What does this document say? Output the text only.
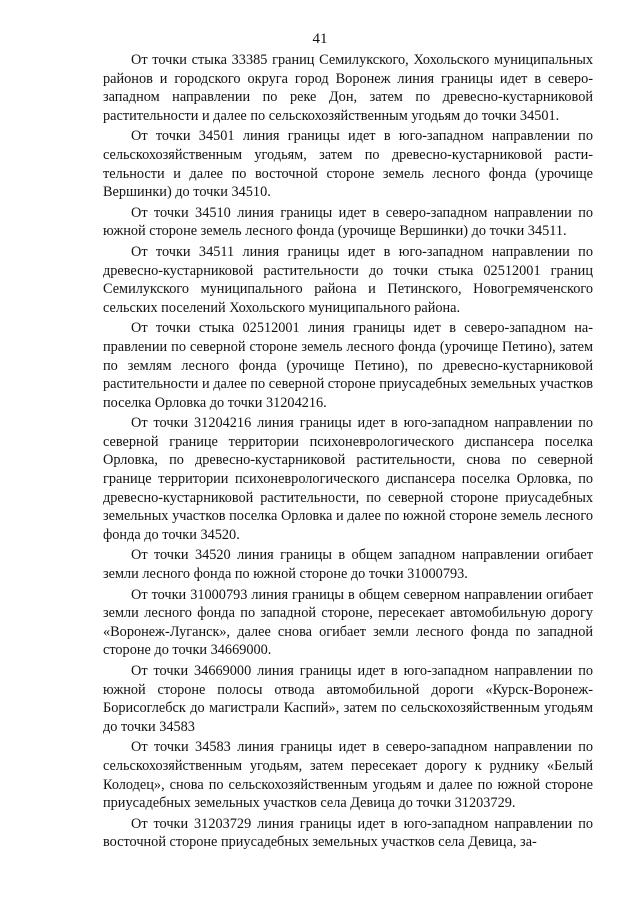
41

От точки стыка 33385 границ Семилукского, Хохольского муниципальных районов и городского округа город Воронеж линия границы идет в северо-западном направлении по реке Дон, затем по древесно-кустарниковой растительности и далее по сельскохозяйственным угодьям до точки 34501.

От точки 34501 линия границы идет в юго-западном направлении по сельскохозяйственным угодьям, затем по древесно-кустарниковой растительности и далее по восточной стороне земель лесного фонда (урочище Вершинки) до точки 34510.

От точки 34510 линия границы идет в северо-западном направлении по южной стороне земель лесного фонда (урочище Вершинки) до точки 34511.

От точки 34511 линия границы идет в юго-западном направлении по древесно-кустарниковой растительности до точки стыка 02512001 границ Семилукского муниципального района и Петинского, Новогремяченского сельских поселений Хохольского муниципального района.

От точки стыка 02512001 линия границы идет в северо-западном направлении по северной стороне земель лесного фонда (урочище Петино), затем по землям лесного фонда (урочище Петино), по древесно-кустарниковой растительности и далее по северной стороне приусадебных земельных участков поселка Орловка до точки 31204216.

От точки 31204216 линия границы идет в юго-западном направлении по северной границе территории психоневрологического диспансера поселка Орловка, по древесно-кустарниковой растительности, снова по северной границе территории психоневрологического диспансера поселка Орловка, по древесно-кустарниковой растительности, по северной стороне приусадебных земельных участков поселка Орловка и далее по южной стороне земель лесного фонда до точки 34520.

От точки 34520 линия границы в общем западном направлении огибает земли лесного фонда по южной стороне до точки 31000793.

От точки 31000793 линия границы в общем северном направлении огибает земли лесного фонда по западной стороне, пересекает автомобильную дорогу «Воронеж-Луганск», далее снова огибает земли лесного фонда по западной стороне до точки 34669000.

От точки 34669000 линия границы идет в юго-западном направлении по южной стороне полосы отвода автомобильной дороги «Курск-Воронеж-Борисоглебск до магистрали Каспий», затем по сельскохозяйственным угодьям до точки 34583

От точки 34583 линия границы идет в северо-западном направлении по сельскохозяйственным угодьям, затем пересекает дорогу к руднику «Белый Колодец», снова по сельскохозяйственным угодьям и далее по южной стороне приусадебных земельных участков села Девица до точки 31203729.

От точки 31203729 линия границы идет в юго-западном направлении по восточной стороне приусадебных земельных участков села Девица, за-
